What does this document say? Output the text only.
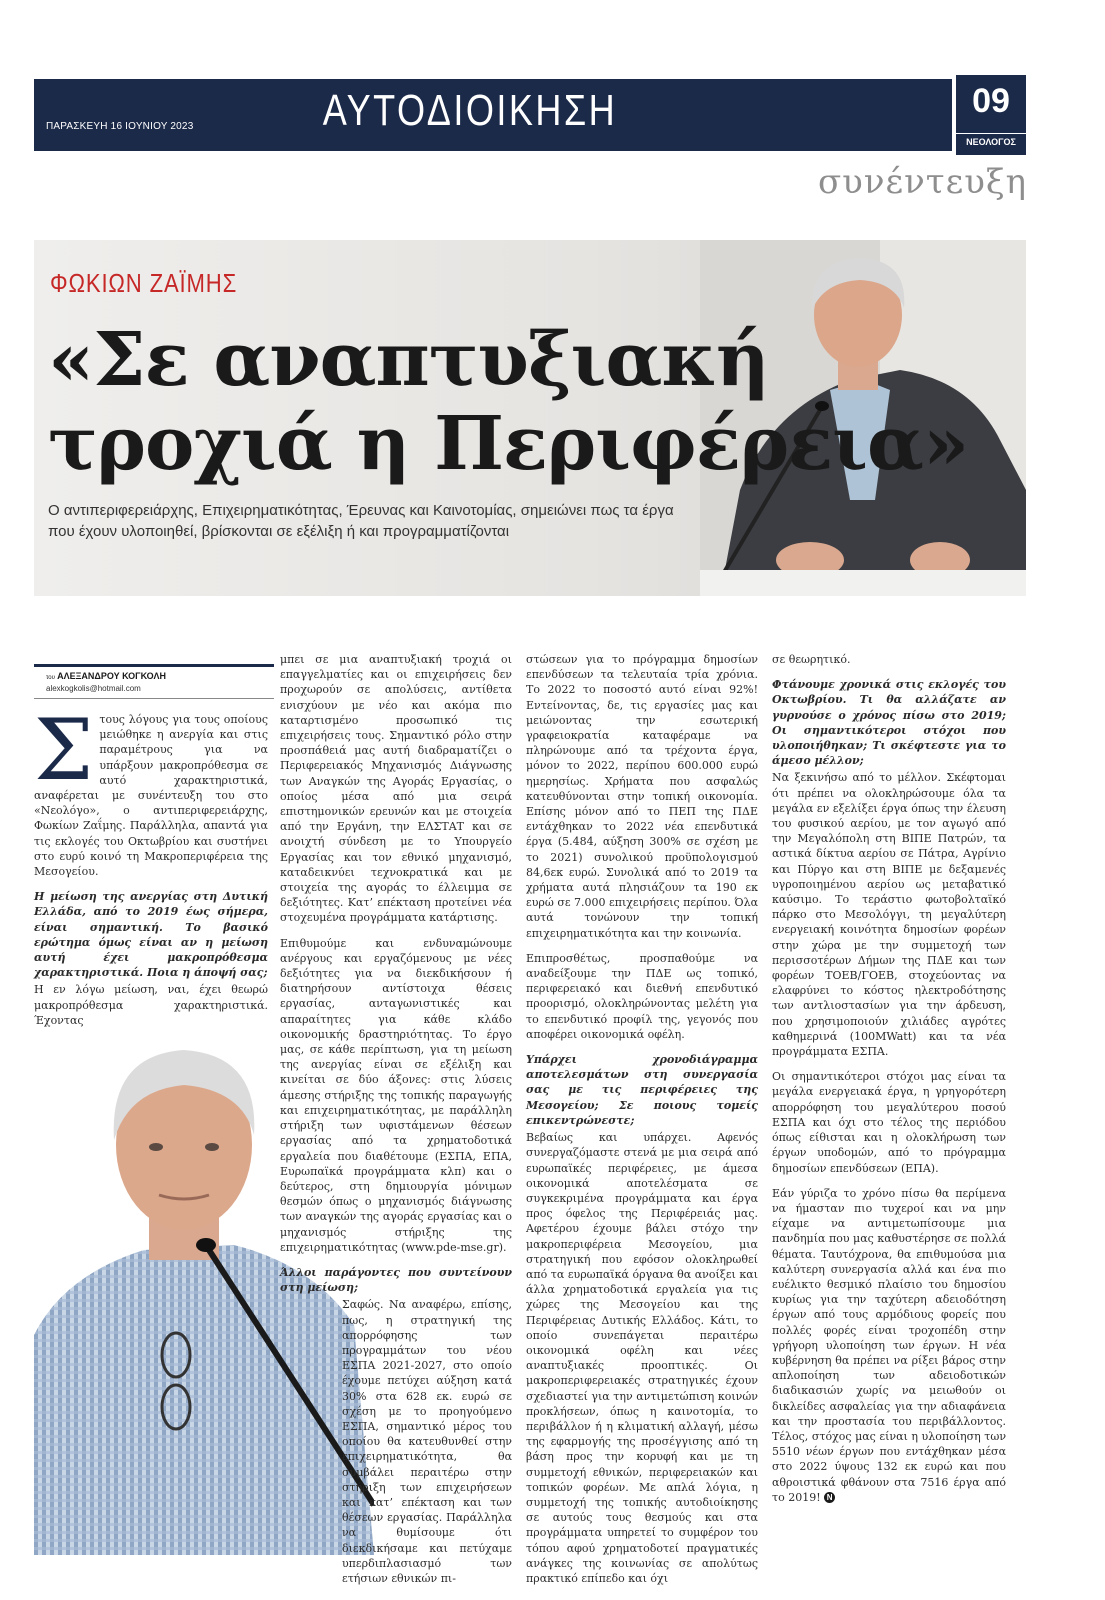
ΠΑΡΑΣΚΕΥΗ 16 ΙΟΥΝΙΟΥ 2023	ΑΥΤΟΔΙΟΙΚΗΣΗ	09
ΝΕΟΛΟΓΟΣ
συνέντευξη
ΦΩΚΙΩΝ ΖΑΪΜΗΣ
«Σε αναπτυξιακή
τροχιά η Περιφέρεια»
Ο αντιπεριφερειάρχης, Επιχειρηματικότητας, Έρευνας και Καινοτομίας, σημειώνει πως τα έργα που έχουν υλοποιηθεί, βρίσκονται σε εξέλιξη ή και προγραμματίζονται
του ΑΛΕΞΑΝΔΡΟΥ ΚΟΓΚΟΛΗ
alexkogkolis@hotmail.com

Στους λόγους για τους οποίους μειώθηκε η ανεργία και στις παραμέτρους για να υπάρξουν μακροπρόθεσμα σε αυτό χαρακτηριστικά, αναφέρεται με συνέντευξη του στο «Νεολόγο», ο αντιπεριφερειάρχης, Φωκίων Ζαΐμης. Παράλληλα, απαντά για τις εκλογές του Οκτωβρίου και συστήνει στο ευρύ κοινό τη Μακροπεριφέρεια της Μεσογείου.

Η μείωση της ανεργίας στη Δυτική Ελλάδα, από το 2019 έως σήμερα, είναι σημαντική. Το βασικό ερώτημα όμως είναι αν η μείωση αυτή έχει μακροπρόθεσμα χαρακτηριστικά. Ποια η άποψή σας;

Η εν λόγω μείωση, ναι, έχει θεωρώ μακροπρόθεσμα χαρακτηριστικά. Έχοντας

μπει σε μια αναπτυξιακή τροχιά οι επαγγελματίες και οι επιχειρήσεις δεν προχωρούν σε απολύσεις, αντίθετα ενισχύουν με νέο και ακόμα πιο καταρτισμένο προσωπικό τις επιχειρήσεις τους. Σημαντικό ρόλο στην προσπάθειά μας αυτή διαδραματίζει ο Περιφερειακός Μηχανισμός Διάγνωσης των Αναγκών της Αγοράς Εργασίας, ο οποίος μέσα από μια σειρά επιστημονικών ερευνών και με στοιχεία από την Εργάνη, την ΕΛΣΤΑΤ και σε ανοιχτή σύνδεση με το Υπουργείο Εργασίας και τον εθνικό μηχανισμό, καταδεικνύει τεχνοκρατικά και με στοιχεία της αγοράς το έλλειμμα σε δεξιότητες. Κατ’ επέκταση προτείνει νέα στοχευμένα προγράμματα κατάρτισης.

Επιθυμούμε και ενδυναμώνουμε ανέργους και εργαζόμενους με νέες δεξιότητες για να διεκδικήσουν ή διατηρήσουν αντίστοιχα θέσεις εργασίας, ανταγωνιστικές και απαραίτητες για κάθε κλάδο οικονομικής δραστηριότητας. Το έργο μας, σε κάθε περίπτωση, για τη μείωση της ανεργίας είναι σε εξέλιξη και κινείται σε δύο άξονες: στις λύσεις άμεσης στήριξης της τοπικής παραγωγής και επιχειρηματικότητας, με παράλληλη στήριξη των υφιστάμενων θέσεων εργασίας από τα χρηματοδοτικά εργαλεία που διαθέτουμε (ΕΣΠΑ, ΕΠΑ, Ευρωπαϊκά προγράμματα κλπ) και ο δεύτερος, στη δημιουργία μόνιμων θεσμών όπως ο μηχανισμός διάγνωσης των αναγκών της αγοράς εργασίας και ο μηχανισμός στήριξης της επιχειρηματικότητας (www.pde-mse.gr).

Άλλοι παράγοντες που συντείνουν στη μείωση;

Σαφώς. Να αναφέρω, επίσης, πως, η στρατηγική της απορρόφησης των προγραμμάτων του νέου ΕΣΠΑ 2021-2027, στο οποίο έχουμε πετύχει αύξηση κατά 30% στα 628 εκ. ευρώ σε σχέση με το προηγούμενο ΕΣΠΑ, σημαντικό μέρος του οποίου θα κατευθυνθεί στην επιχειρηματικότητα, θα συμβάλει περαιτέρω στην στήριξη των επιχειρήσεων και κατ’ επέκταση και των θέσεων εργασίας. Παράλληλα να θυμίσουμε ότι διεκδικήσαμε και πετύχαμε υπερδιπλασιασμό των ετήσιων εθνικών πι-

στώσεων για το πρόγραμμα δημοσίων επενδύσεων τα τελευταία τρία χρόνια. Το 2022 το ποσοστό αυτό είναι 92%! Εντείνοντας, δε, τις εργασίες μας και μειώνοντας την εσωτερική γραφειοκρατία καταφέραμε να πληρώνουμε από τα τρέχοντα έργα, μόνον το 2022, περίπου 600.000 ευρώ ημερησίως. Χρήματα που ασφαλώς κατευθύνονται στην τοπική οικονομία. Επίσης μόνον από το ΠΕΠ της ΠΔΕ εντάχθηκαν το 2022 νέα επενδυτικά έργα (5.484, αύξηση 300% σε σχέση με το 2021) συνολικού προϋπολογισμού 84,6εκ ευρώ. Συνολικά από το 2019 τα χρήματα αυτά πλησιάζουν τα 190 εκ ευρώ σε 7.000 επιχειρήσεις περίπου. Όλα αυτά τονώνουν την τοπική επιχειρηματικότητα και την κοινωνία.

Επιπροσθέτως, προσπαθούμε να αναδείξουμε την ΠΔΕ ως τοπικό, περιφερειακό και διεθνή επενδυτικό προορισμό, ολοκληρώνοντας μελέτη για το επενδυτικό προφίλ της, γεγονός που αποφέρει οικονομικά οφέλη.

Υπάρχει χρονοδιάγραμμα αποτελεσμάτων στη συνεργασία σας με τις περιφέρειες της Μεσογείου; Σε ποιους τομείς επικεντρώνεστε;

Βεβαίως και υπάρχει. Αφενός συνεργαζόμαστε στενά με μια σειρά από ευρωπαϊκές περιφέρειες, με άμεσα οικονομικά αποτελέσματα σε συγκεκριμένα προγράμματα και έργα προς όφελος της Περιφέρειάς μας. Αφετέρου έχουμε βάλει στόχο την μακροπεριφέρεια Μεσογείου, μια στρατηγική που εφόσον ολοκληρωθεί από τα ευρωπαϊκά όργανα θα ανοίξει και άλλα χρηματοδοτικά εργαλεία για τις χώρες της Μεσογείου και της Περιφέρειας Δυτικής Ελλάδος. Κάτι, το οποίο συνεπάγεται περαιτέρω οικονομικά οφέλη και νέες αναπτυξιακές προοπτικές. Οι μακροπεριφερειακές στρατηγικές έχουν σχεδιαστεί για την αντιμετώπιση κοινών προκλήσεων, όπως η καινοτομία, το περιβάλλον ή η κλιματική αλλαγή, μέσω της εφαρμογής της προσέγγισης από τη βάση προς την κορυφή και με τη συμμετοχή εθνικών, περιφερειακών και τοπικών φορέων. Με απλά λόγια, η συμμετοχή της τοπικής αυτοδιοίκησης σε αυτούς τους θεσμούς και στα προγράμματα υπηρετεί το συμφέρον του τόπου αφού χρηματοδοτεί πραγματικές ανάγκες της κοινωνίας σε απολύτως πρακτικό επίπεδο και όχι

σε θεωρητικό.

Φτάνουμε χρονικά στις εκλογές του Οκτωβρίου. Τι θα αλλάζατε αν γυρνούσε ο χρόνος πίσω στο 2019; Οι σημαντικότεροι στόχοι που υλοποιήθηκαν; Τι σκέφτεστε για το άμεσο μέλλον;

Να ξεκινήσω από το μέλλον. Σκέφτομαι ότι πρέπει να ολοκληρώσουμε όλα τα μεγάλα εν εξελίξει έργα όπως την έλευση του φυσικού αερίου, με τον αγωγό από την Μεγαλόπολη στη ΒΙΠΕ Πατρών, τα αστικά δίκτυα αερίου σε Πάτρα, Αγρίνιο και Πύργο και στη ΒΙΠΕ με δεξαμενές υγροποιημένου αερίου ως μεταβατικό καύσιμο. Το τεράστιο φωτοβολταϊκό πάρκο στο Μεσολόγγι, τη μεγαλύτερη ενεργειακή κοινότητα δημοσίων φορέων στην χώρα με την συμμετοχή των περισσοτέρων Δήμων της ΠΔΕ και των φορέων ΤΟΕΒ/ΓΟΕΒ, στοχεύοντας να ελαφρύνει το κόστος ηλεκτροδότησης των αντλιοστασίων για την άρδευση, που χρησιμοποιούν χιλιάδες αγρότες καθημερινά (100MWatt) και τα νέα προγράμματα ΕΣΠΑ.

Οι σημαντικότεροι στόχοι μας είναι τα μεγάλα ενεργειακά έργα, η γρηγορότερη απορρόφηση του μεγαλύτερου ποσού ΕΣΠΑ και όχι στο τέλος της περιόδου όπως είθισται και η ολοκλήρωση των έργων υποδομών, από το πρόγραμμα δημοσίων επενδύσεων (ΕΠΑ).

Εάν γύριζα το χρόνο πίσω θα περίμενα να ήμασταν πιο τυχεροί και να μην είχαμε να αντιμετωπίσουμε μια πανδημία που μας καθυστέρησε σε πολλά θέματα. Ταυτόχρονα, θα επιθυμούσα μια καλύτερη συνεργασία αλλά και ένα πιο ευέλικτο θεσμικό πλαίσιο του δημοσίου κυρίως για την ταχύτερη αδειοδότηση έργων από τους αρμόδιους φορείς που πολλές φορές είναι τροχοπέδη στην γρήγορη υλοποίηση των έργων. Η νέα κυβέρνηση θα πρέπει να ρίξει βάρος στην απλοποίηση των αδειοδοτικών διαδικασιών χωρίς να μειωθούν οι δικλείδες ασφαλείας για την αδιαφάνεια και την προστασία του περιβάλλοντος. Τέλος, στόχος μας είναι η υλοποίηση των 5510 νέων έργων που εντάχθηκαν μέσα στο 2022 ύψους 132 εκ ευρώ και που αθροιστικά φθάνουν στα 7516 έργα από το 2019! N
